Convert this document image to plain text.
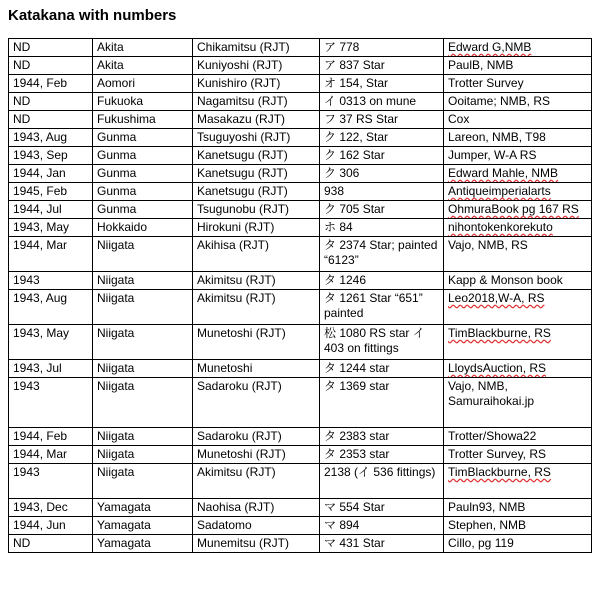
Katakana with numbers
ND	Akita	Chikamitsu (RJT)	ア 778	Edward G,NMB
ND	Akita	Kuniyoshi (RJT)	ア 837 Star	PaulB, NMB
1944, Feb	Aomori	Kunishiro (RJT)	オ 154, Star	Trotter Survey
ND	Fukuoka	Nagamitsu (RJT)	イ 0313 on mune	Ooitame; NMB, RS
ND	Fukushima	Masakazu (RJT)	フ 37 RS Star	Cox
1943, Aug	Gunma	Tsuguyoshi (RJT)	ク 122, Star	Lareon, NMB, T98
1943, Sep	Gunma	Kanetsugu (RJT)	ク 162 Star	Jumper, W-A RS
1944, Jan	Gunma	Kanetsugu (RJT)	ク 306	Edward Mahle, NMB
1945, Feb	Gunma	Kanetsugu (RJT)	938	Antiqueimperialarts
1944, Jul	Gunma	Tsugunobu (RJT)	ク 705 Star	OhmuraBook pg 167 RS
1943, May	Hokkaido	Hirokuni (RJT)	ホ 84	nihontokenkorekuto
1944, Mar	Niigata	Akihisa (RJT)	タ 2374 Star; painted “6123”	Vajo, NMB, RS
1943	Niigata	Akimitsu (RJT)	タ 1246	Kapp & Monson book
1943, Aug	Niigata	Akimitsu (RJT)	タ 1261 Star “651” painted	Leo2018,W-A, RS
1943, May	Niigata	Munetoshi (RJT)	松 1080 RS star イ 403 on fittings	TimBlackburne, RS
1943, Jul	Niigata	Munetoshi	タ 1244 star	LloydsAuction, RS
1943	Niigata	Sadaroku (RJT)	タ 1369 star	Vajo, NMB, Samuraihokai.jp
1944, Feb	Niigata	Sadaroku (RJT)	タ 2383 star	Trotter/Showa22
1944, Mar	Niigata	Munetoshi (RJT)	タ 2353 star	Trotter Survey, RS
1943	Niigata	Akimitsu (RJT)	2138 (イ 536 fittings)	TimBlackburne, RS
1943, Dec	Yamagata	Naohisa (RJT)	マ 554 Star	Pauln93, NMB
1944, Jun	Yamagata	Sadatomo	マ 894	Stephen, NMB
ND	Yamagata	Munemitsu (RJT)	マ 431 Star	Cillo, pg 119
